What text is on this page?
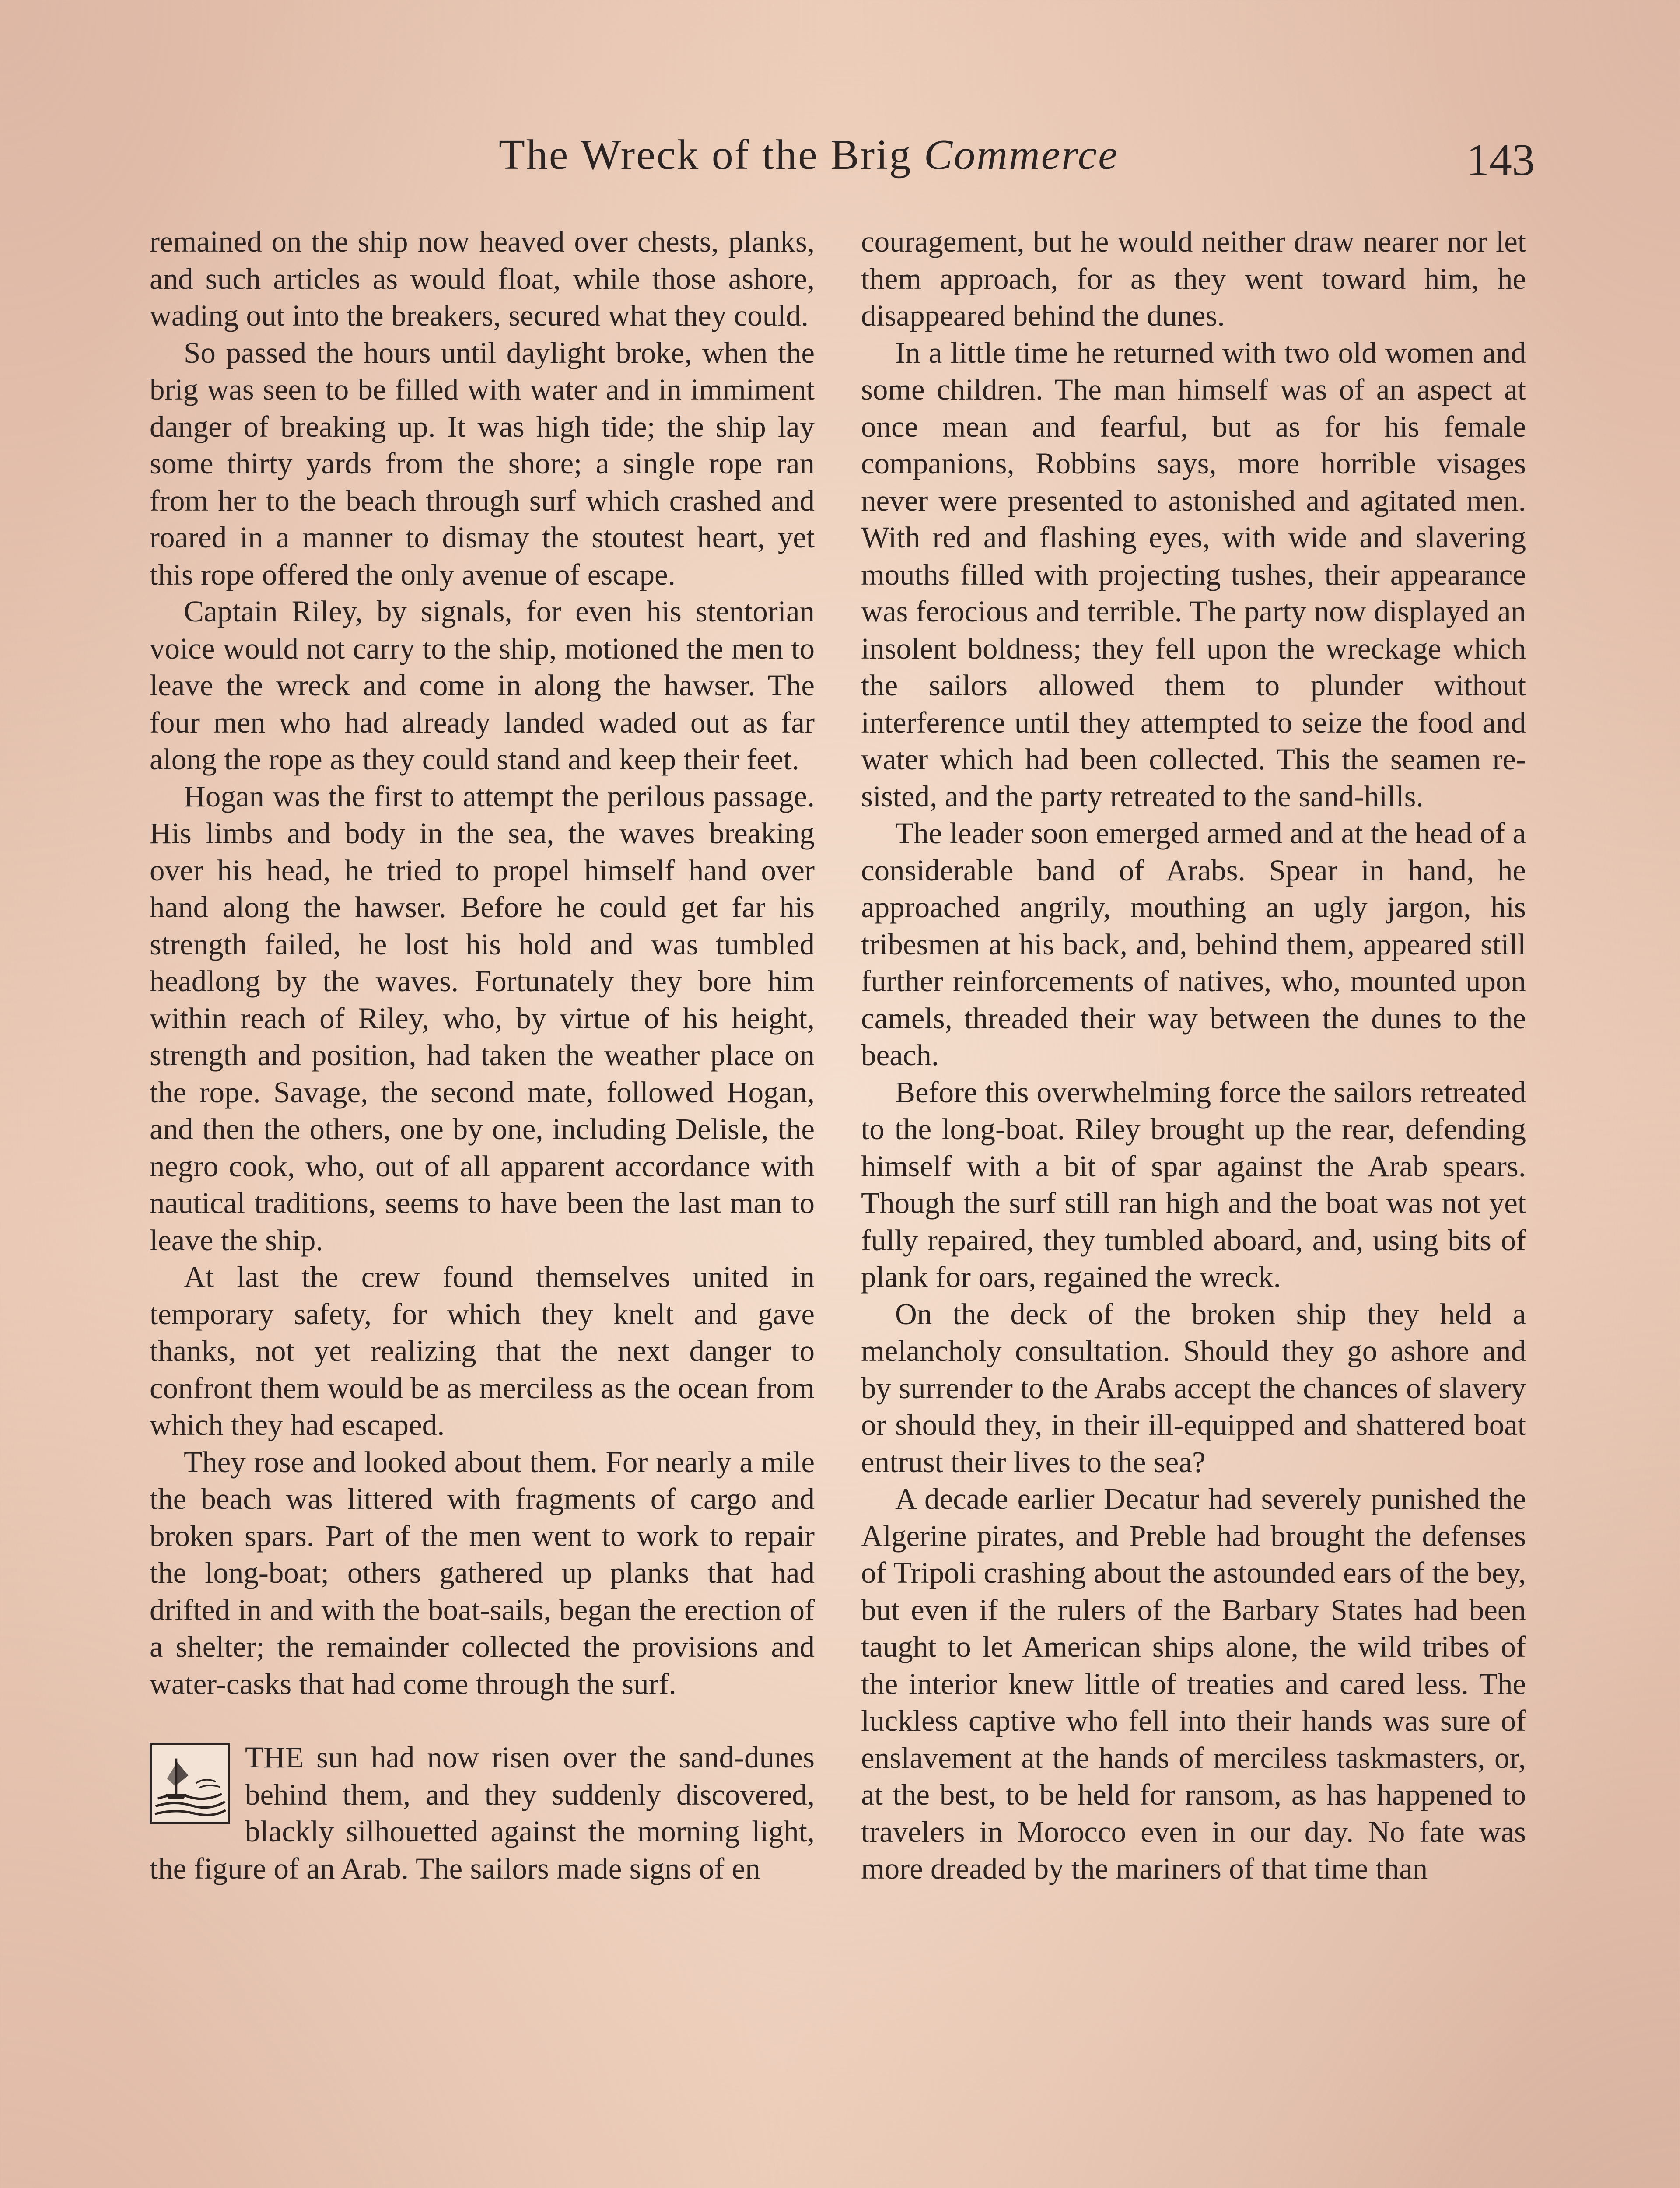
The Wreck of the Brig Commerce	143

remained on the ship now heaved over chests, planks, and such articles as would float, while those ashore, wading out into the breakers, secured what they could.

So passed the hours until daylight broke, when the brig was seen to be filled with water and in immiment danger of breaking up. It was high tide; the ship lay some thirty yards from the shore; a single rope ran from her to the beach through surf which crashed and roared in a manner to dismay the stoutest heart, yet this rope offered the only avenue of escape.

Captain Riley, by signals, for even his stentorian voice would not carry to the ship, motioned the men to leave the wreck and come in along the hawser. The four men who had already landed waded out as far along the rope as they could stand and keep their feet.

Hogan was the first to attempt the perilous passage. His limbs and body in the sea, the waves breaking over his head, he tried to propel himself hand over hand along the hawser. Before he could get far his strength failed, he lost his hold and was tumbled headlong by the waves. Fortunately they bore him within reach of Riley, who, by virtue of his height, strength and position, had taken the weather place on the rope. Savage, the second mate, followed Hogan, and then the others, one by one, including Delisle, the negro cook, who, out of all apparent accordance with nautical traditions, seems to have been the last man to leave the ship.

At last the crew found themselves united in temporary safety, for which they knelt and gave thanks, not yet realizing that the next danger to confront them would be as merciless as the ocean from which they had escaped.

They rose and looked about them. For nearly a mile the beach was littered with fragments of cargo and broken spars. Part of the men went to work to repair the long-boat; others gathered up planks that had drifted in and with the boat-sails, began the erection of a shelter; the remainder collected the provisions and water-casks that had come through the surf.

THE sun had now risen over the sand-dunes behind them, and they suddenly discovered, blackly silhouetted against the morning light, the figure of an Arab. The sailors made signs of en

couragement, but he would neither draw nearer nor let them approach, for as they went toward him, he disappeared behind the dunes.

In a little time he returned with two old women and some children. The man himself was of an aspect at once mean and fearful, but as for his female companions, Robbins says, more horrible visages never were presented to astonished and agitated men. With red and flashing eyes, with wide and slavering mouths filled with projecting tushes, their appearance was ferocious and terrible. The party now displayed an insolent boldness; they fell upon the wreckage which the sailors allowed them to plunder without interference until they attempted to seize the food and water which had been collected. This the seamen resisted, and the party retreated to the sand-hills.

The leader soon emerged armed and at the head of a considerable band of Arabs. Spear in hand, he approached angrily, mouthing an ugly jargon, his tribesmen at his back, and, behind them, appeared still further reinforcements of natives, who, mounted upon camels, threaded their way between the dunes to the beach.

Before this overwhelming force the sailors retreated to the long-boat. Riley brought up the rear, defending himself with a bit of spar against the Arab spears. Though the surf still ran high and the boat was not yet fully repaired, they tumbled aboard, and, using bits of plank for oars, regained the wreck.

On the deck of the broken ship they held a melancholy consultation. Should they go ashore and by surrender to the Arabs accept the chances of slavery or should they, in their ill-equipped and shattered boat entrust their lives to the sea?

A decade earlier Decatur had severely punished the Algerine pirates, and Preble had brought the defenses of Tripoli crashing about the astounded ears of the bey, but even if the rulers of the Barbary States had been taught to let American ships alone, the wild tribes of the interior knew little of treaties and cared less. The luckless captive who fell into their hands was sure of enslavement at the hands of merciless taskmasters, or, at the best, to be held for ransom, as has happened to travelers in Morocco even in our day. No fate was more dreaded by the mariners of that time than
